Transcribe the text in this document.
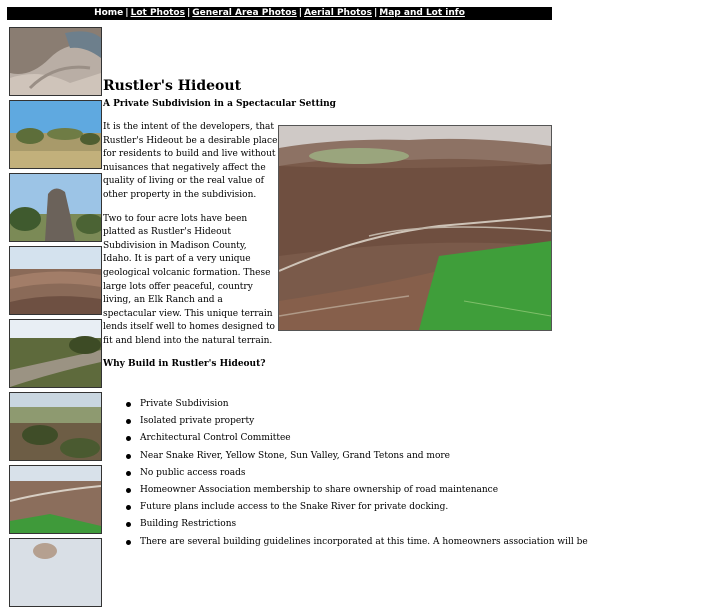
Home | Lot Photos | General Area Photos | Aerial Photos | Map and Lot info
Rustler's Hideout
A Private Subdivision in a Spectacular Setting

It is the intent of the developers, that Rustler's Hideout be a desirable place for residents to build and live without nuisances that negatively affect the quality of living or the real value of other property in the subdivision.

Two to four acre lots have been platted as Rustler's Hideout Subdivision in Madison County, Idaho. It is part of a very unique geological volcanic formation. These large lots offer peaceful, country living, an Elk Ranch and a spectacular view. This unique terrain lends itself well to homes designed to fit and blend into the natural terrain.

Why Build in Rustler's Hideout?
Private Subdivision
Isolated private property
Architectural Control Committee
Near Snake River, Yellow Stone, Sun Valley, Grand Tetons and more
No public access roads
Homeowner Association membership to share ownership of road maintenance
Future plans include access to the Snake River for private docking.
Building Restrictions
There are several building guidelines incorporated at this time. A homeowners association will be
